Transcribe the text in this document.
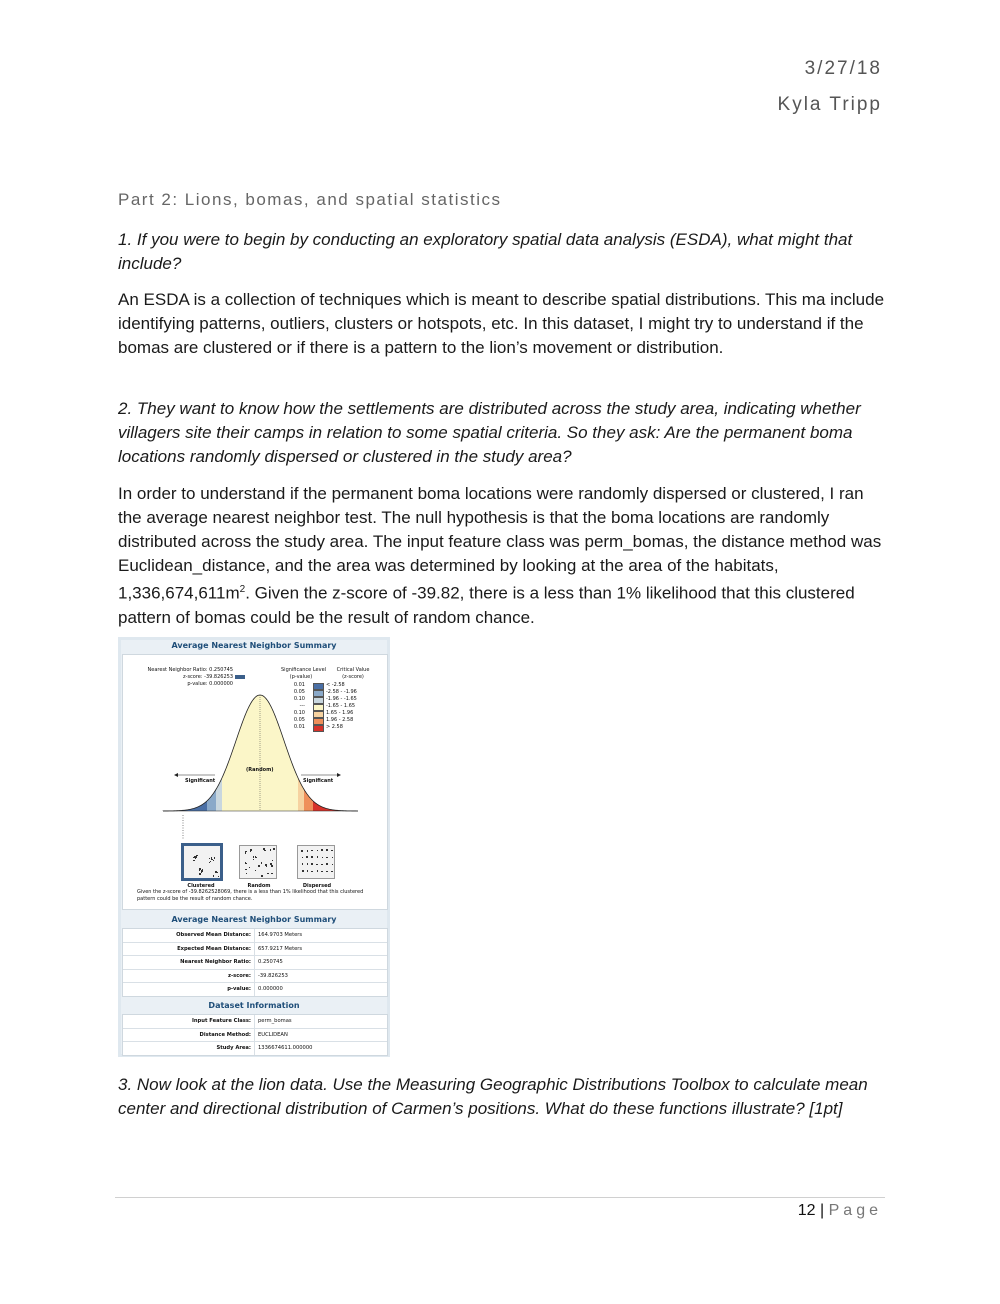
3/27/18
Kyla Tripp
Part 2: Lions, bomas, and spatial statistics

1. If you were to begin by conducting an exploratory spatial data analysis (ESDA), what might that include?

An ESDA is a collection of techniques which is meant to describe spatial distributions. This ma include identifying patterns, outliers, clusters or hotspots, etc. In this dataset, I might try to understand if the bomas are clustered or if there is a pattern to the lion’s movement or distribution.

2. They want to know how the settlements are distributed across the study area, indicating whether villagers site their camps in relation to some spatial criteria. So they ask: Are the permanent boma locations randomly dispersed or clustered in the study area?

In order to understand if the permanent boma locations were randomly dispersed or clustered, I ran the average nearest neighbor test. The null hypothesis is that the boma locations are randomly distributed across the study area. The input feature class was perm_bomas, the distance method was Euclidean_distance, and the area was determined by looking at the area of the habitats, $1,336,674,611m^2$. Given the z-score of -39.82, there is a less than 1% likelihood that this clustered pattern of bomas could be the result of random chance.

Average Nearest Neighbor Summary
Nearest Neighbor Ratio: 0.250745
z-score: -39.826253
p-value: 0.000000
Significance Level
(p-value)
Critical Value
(z-score)
0.01	< -2.58
0.05	-2.58 - -1.96
0.10	-1.96 - -1.65
---	-1.65 - 1.65
0.10	1.65 - 1.96
0.05	1.96 - 2.58
0.01	> 2.58
(Random)
Significant	Significant
Clustered	Random	Dispersed
Given the z-score of -39.8262528069, there is a less than 1% likelihood that this clustered pattern could be the result of random chance.
Average Nearest Neighbor Summary
Observed Mean Distance:	164.9703 Meters
Expected Mean Distance:	657.9217 Meters
Nearest Neighbor Ratio:	0.250745
z-score:	-39.826253
p-value:	0.000000
Dataset Information
Input Feature Class:	perm_bomas
Distance Method:	EUCLIDEAN
Study Area:	1336674611.000000

3. Now look at the lion data. Use the Measuring Geographic Distributions Toolbox to calculate mean center and directional distribution of Carmen’s positions. What do these functions illustrate? [1pt]

12 | Page
